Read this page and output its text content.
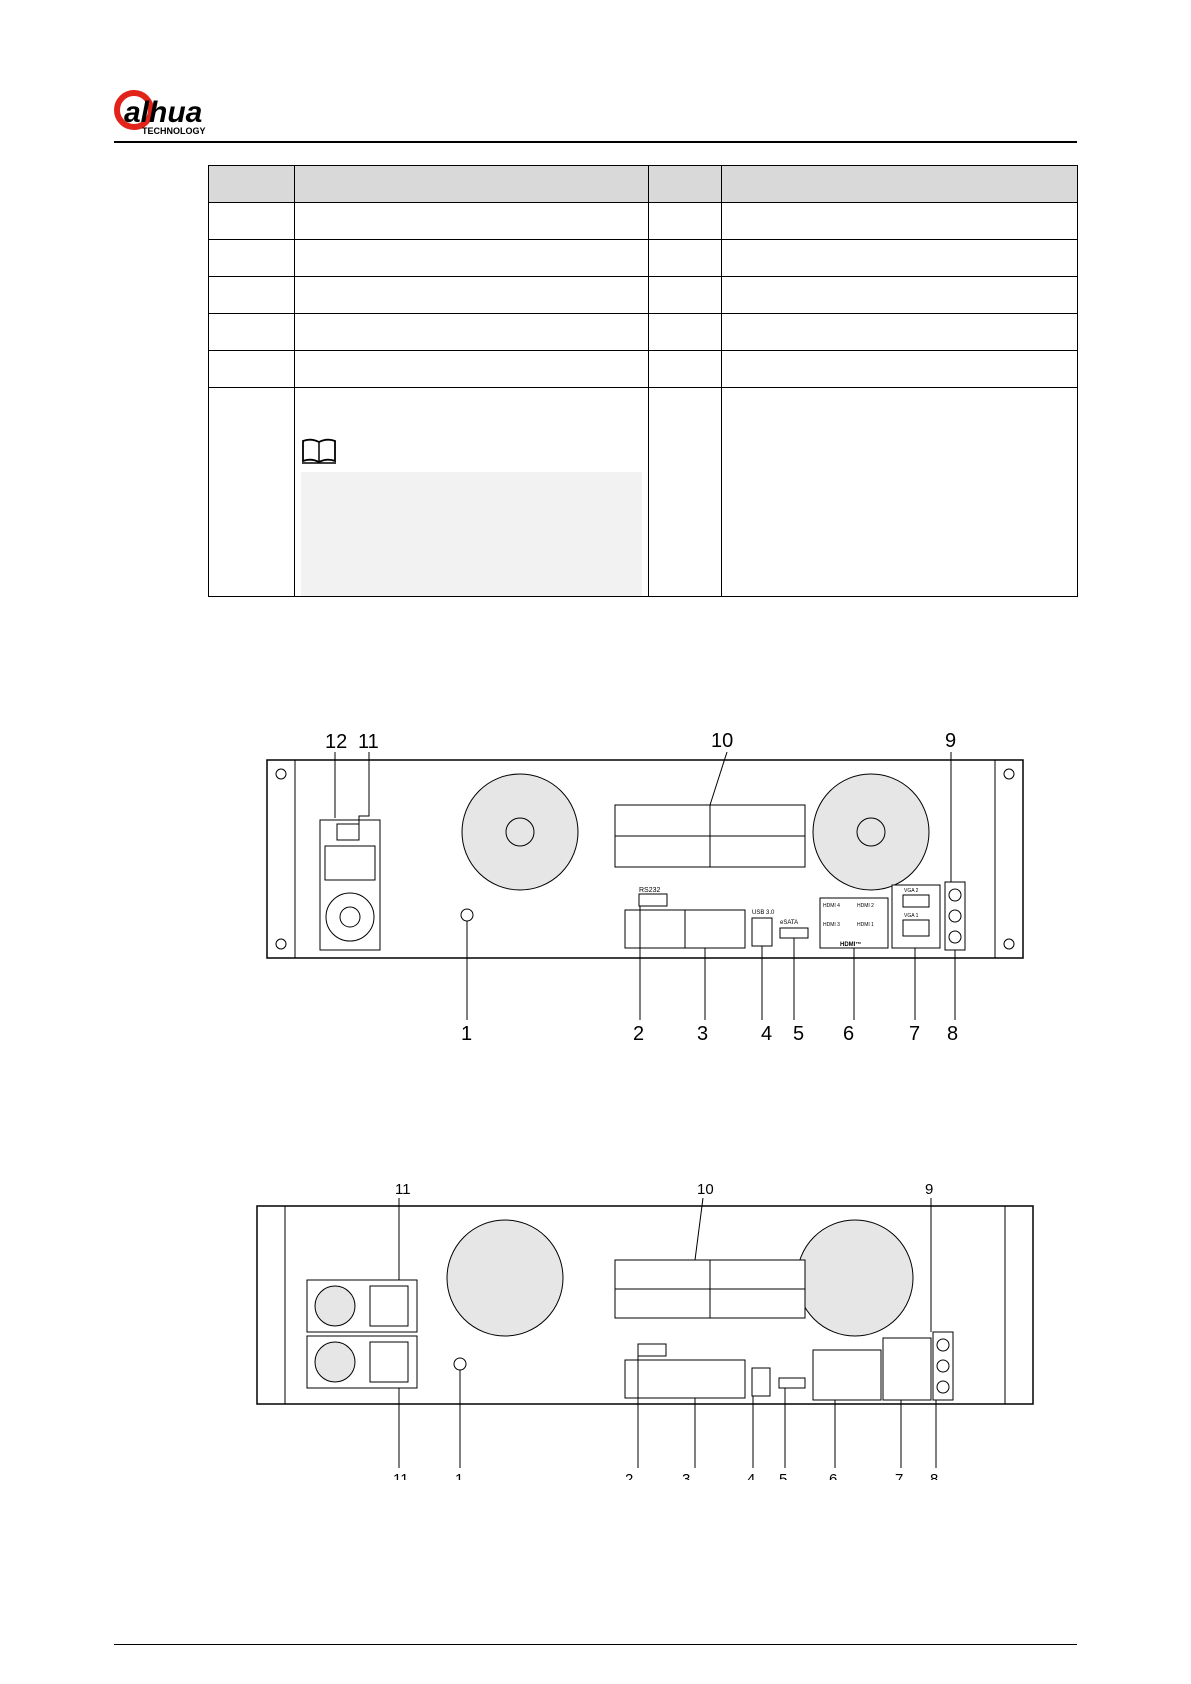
alhua
TECHNOLOGY

12 11	10	9
1	2	3	4 5 6	7 8
RS232
USB 3.0
eSATA
HDMI 4	HDMI 2
HDMI 3	HDMI 1
HDMI™
VGA 2
VGA 1
11	10	9
11	1	2	3	4 5	6	7 8
